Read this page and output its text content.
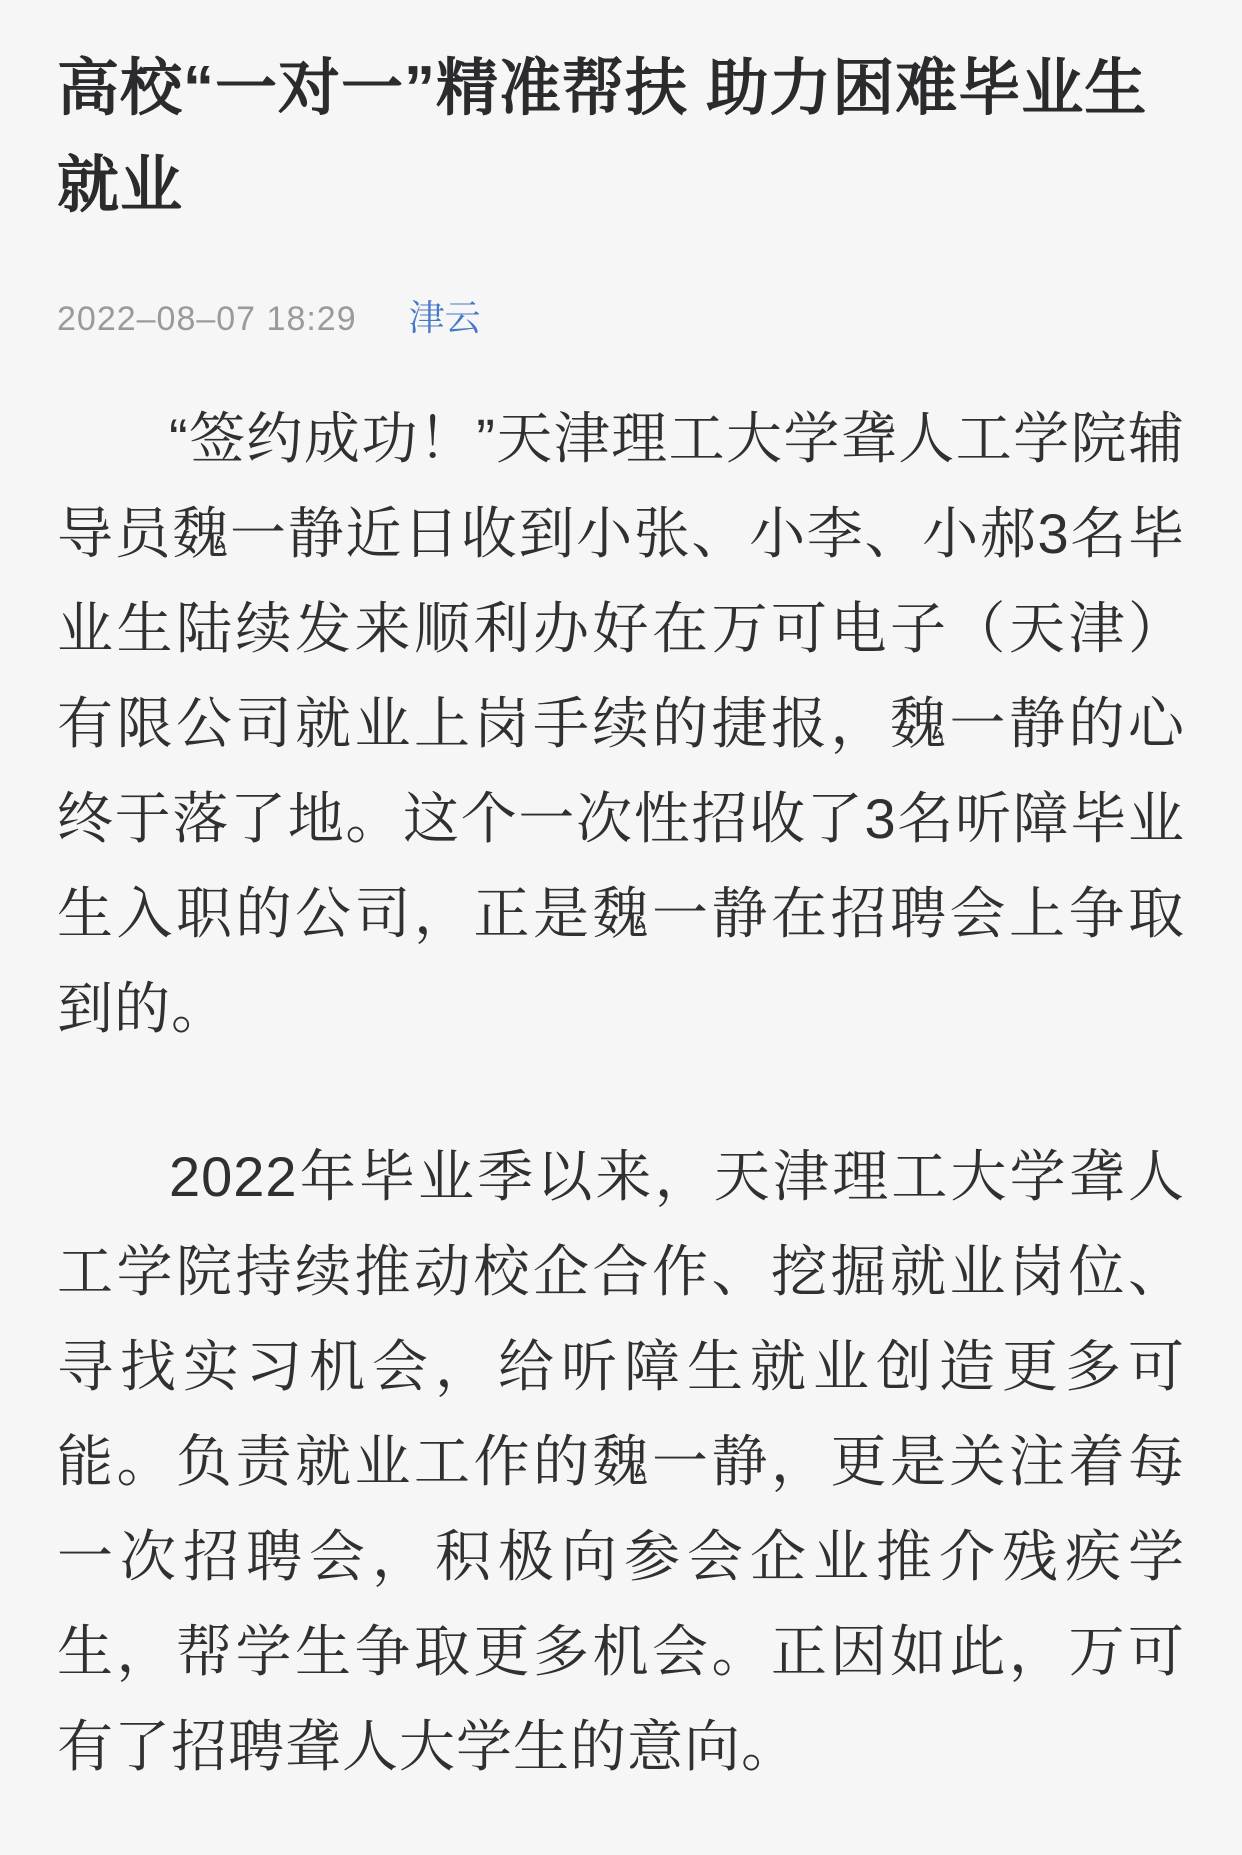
高校“一对一”精准帮扶 助力困难毕业生就业
2022–08–07 18:29 津云

“签约成功！”天津理工大学聋人工学院辅导员魏一静近日收到小张、小李、小郝3名毕业生陆续发来顺利办好在万可电子（天津）有限公司就业上岗手续的捷报，魏一静的心终于落了地。这个一次性招收了3名听障毕业生入职的公司，正是魏一静在招聘会上争取到的。

2022年毕业季以来，天津理工大学聋人工学院持续推动校企合作、挖掘就业岗位、寻找实习机会，给听障生就业创造更多可能。负责就业工作的魏一静，更是关注着每一次招聘会，积极向参会企业推介残疾学生，帮学生争取更多机会。正因如此，万可有了招聘聋人大学生的意向。
